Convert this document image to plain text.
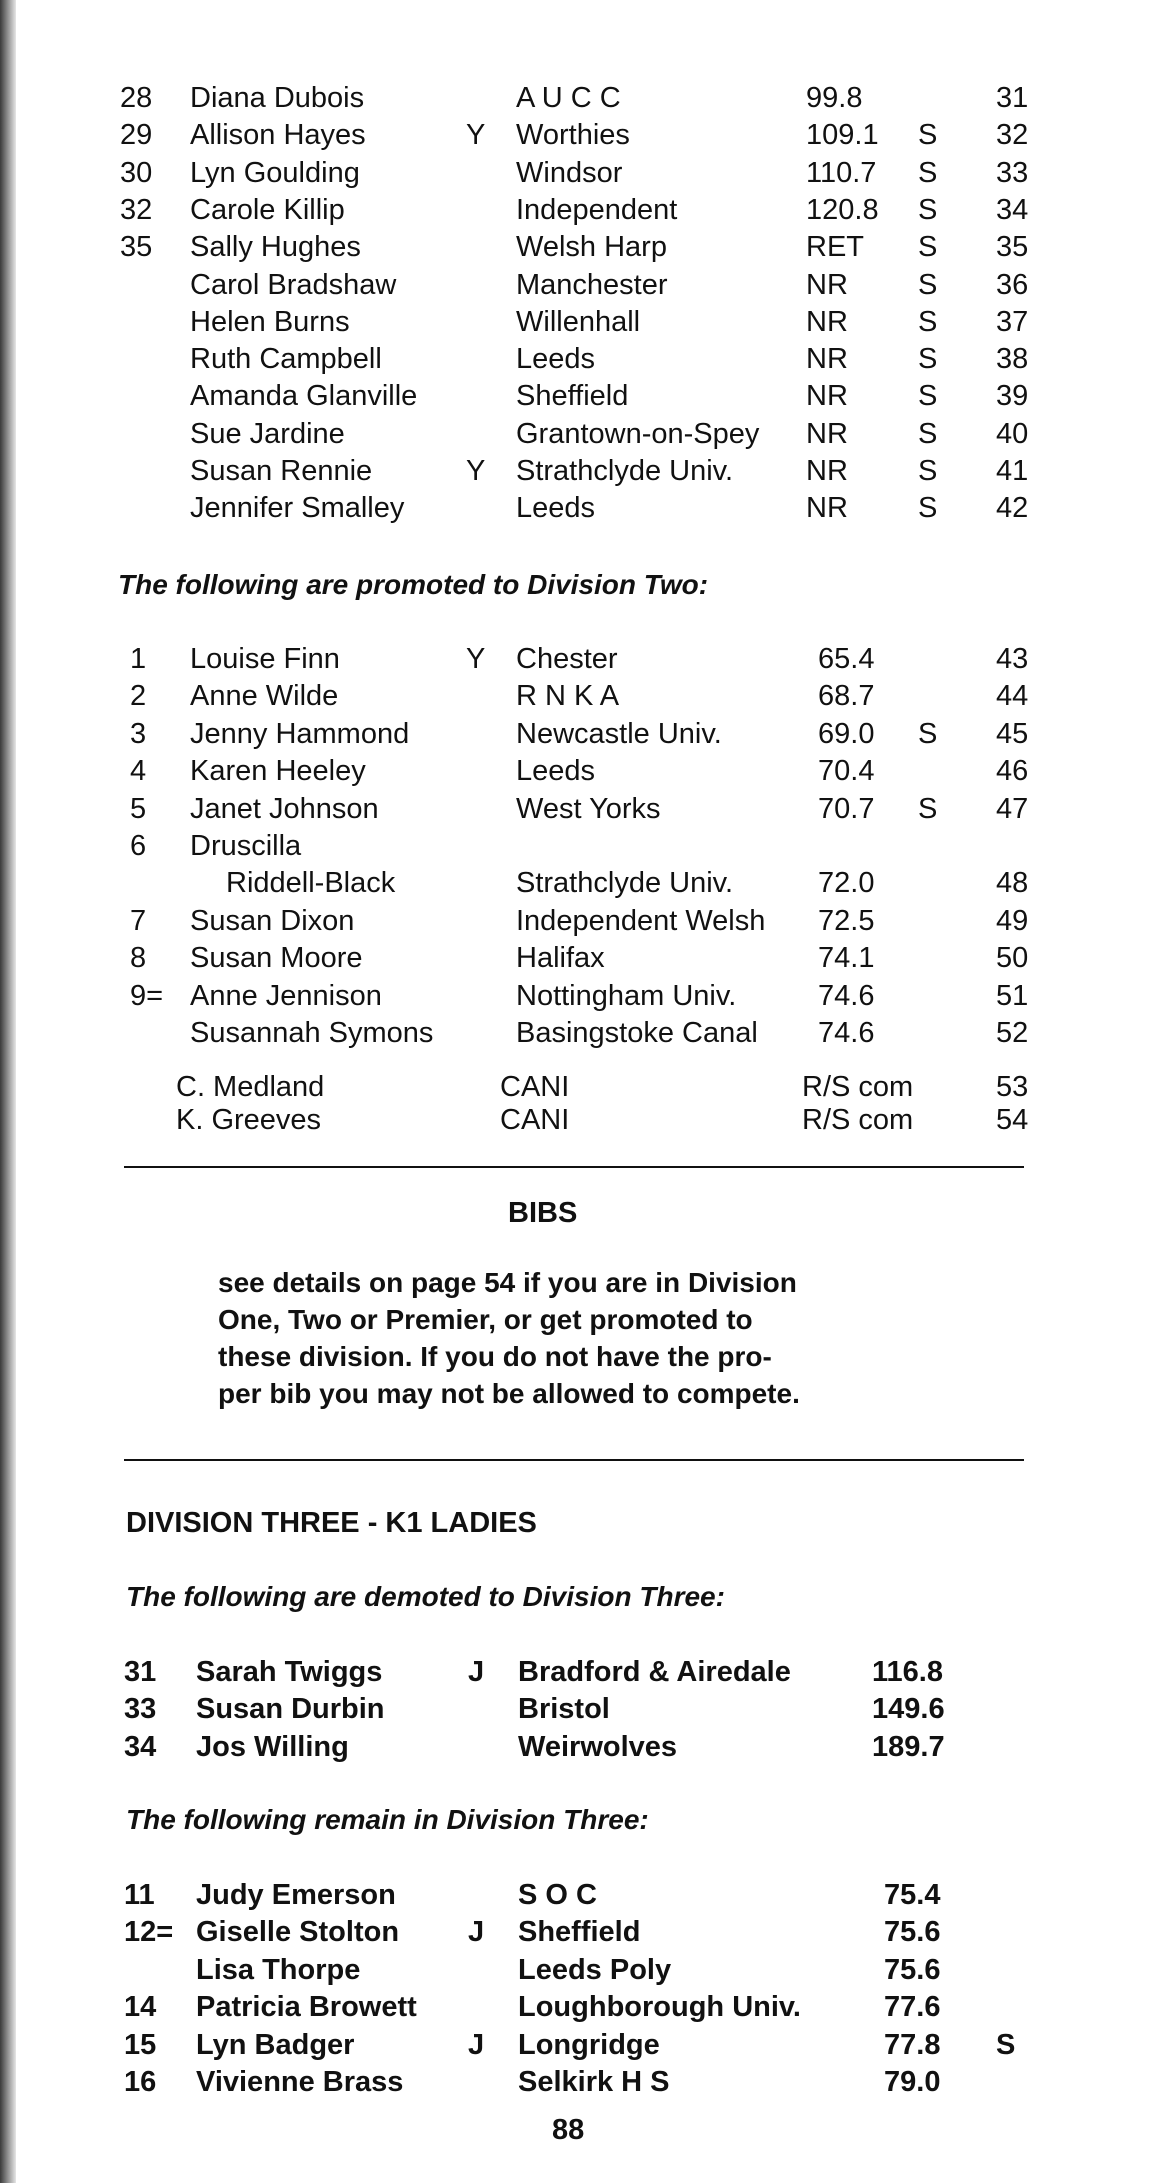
28 Diana Dubois	A U C C	99.8	31
29 Allison Hayes	Y Worthies	109.1 S 32
30 Lyn Goulding	Windsor	110.7 S 33
32 Carole Killip	Independent	120.8 S 34
35 Sally Hughes	Welsh Harp	RET S 35
Carol Bradshaw	Manchester	NR S 36
Helen Burns	Willenhall	NR S 37
Ruth Campbell	Leeds	NR S 38
Amanda Glanville	Sheffield	NR S 39
Sue Jardine	Grantown-on-Spey NR S 40
Susan Rennie	Y Strathclyde Univ.	NR S 41
Jennifer Smalley	Leeds	NR S 42
The following are promoted to Division Two:
1 Louise Finn	Y Chester	65.4	43
2 Anne Wilde	R N K A	68.7	44
3 Jenny Hammond	Newcastle Univ.	69.0 S 45
4 Karen Heeley	Leeds	70.4	46
5 Janet Johnson	West Yorks	70.7 S 47
6 Druscilla
Riddell-Black	Strathclyde Univ.	72.0	48
7 Susan Dixon	Independent Welsh 72.5	49
8 Susan Moore	Halifax	74.1	50
9= Anne Jennison	Nottingham Univ.	74.6	51
Susannah Symons	Basingstoke Canal 74.6	52
C. Medland	CANI	R/S com	53
K. Greeves	CANI	R/S com	54
BIBS
see details on page 54 if you are in Division
One, Two or Premier, or get promoted to
these division. If you do not have the pro-
per bib you may not be allowed to compete.
DIVISION THREE - K1 LADIES
The following are demoted to Division Three:
31 Sarah Twiggs	J Bradford & Airedale	116.8
33 Susan Durbin	Bristol	149.6
34 Jos Willing	Weirwolves	189.7
The following remain in Division Three:
11 Judy Emerson	S O C	75.4
12= Giselle Stolton J Sheffield	75.6
Lisa Thorpe	Leeds Poly	75.6
14 Patricia Browett	Loughborough Univ.	77.6
15 Lyn Badger	J Longridge	77.8 S
16 Vivienne Brass	Selkirk H S	79.0
88
